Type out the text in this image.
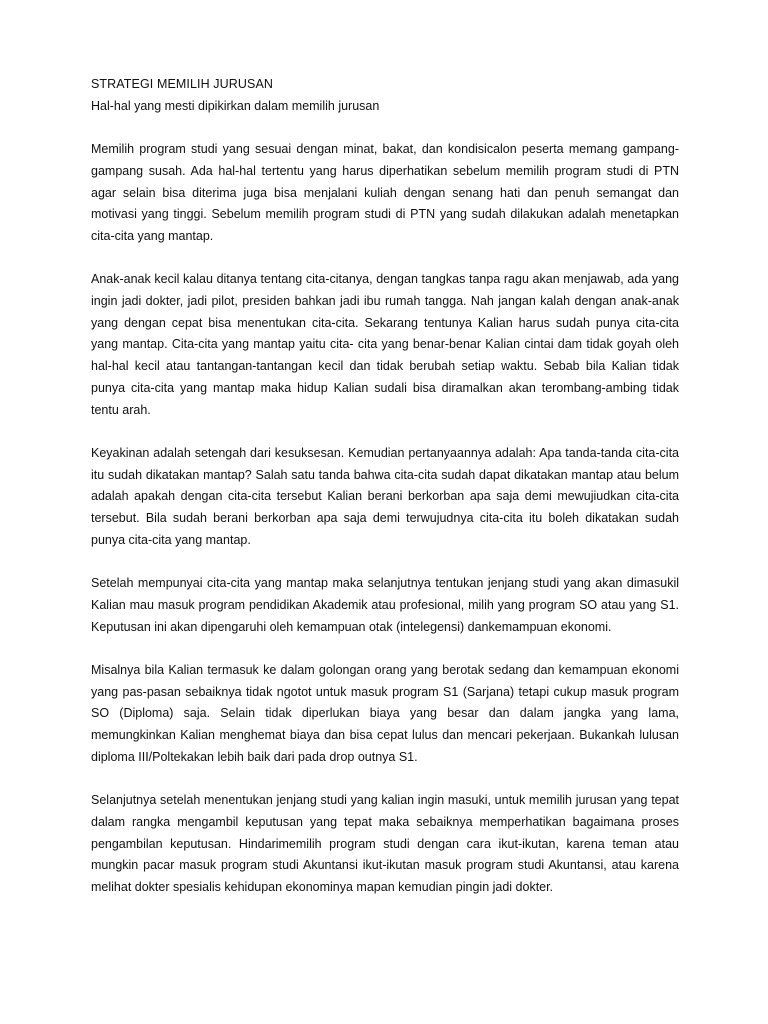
STRATEGI MEMILIH JURUSAN
Hal-hal yang mesti dipikirkan dalam memilih jurusan

Memilih program studi yang sesuai dengan minat, bakat, dan kondisicalon peserta memang gampang-gampang susah. Ada hal-hal tertentu yang harus diperhatikan sebelum memilih program studi di PTN agar selain bisa diterima juga bisa menjalani kuliah dengan senang hati dan penuh semangat dan motivasi yang tinggi. Sebelum memilih program studi di PTN yang sudah dilakukan adalah menetapkan cita-cita yang mantap.

Anak-anak kecil kalau ditanya tentang cita-citanya, dengan tangkas tanpa ragu akan menjawab, ada yang ingin jadi dokter, jadi pilot, presiden bahkan jadi ibu rumah tangga. Nah jangan kalah dengan anak-anak yang dengan cepat bisa menentukan cita-cita. Sekarang tentunya Kalian harus sudah punya cita-cita yang mantap. Cita-cita yang mantap yaitu cita- cita yang benar-benar Kalian cintai dam tidak goyah oleh hal-hal kecil atau tantangan-tantangan kecil dan tidak berubah setiap waktu. Sebab bila Kalian tidak punya cita-cita yang mantap maka hidup Kalian sudali bisa diramalkan akan terombang-ambing tidak tentu arah.

Keyakinan adalah setengah dari kesuksesan. Kemudian pertanyaannya adalah: Apa tanda-tanda cita-cita itu sudah dikatakan mantap? Salah satu tanda bahwa cita-cita sudah dapat dikatakan mantap atau belum adalah apakah dengan cita-cita tersebut Kalian berani berkorban apa saja demi mewujiudkan cita-cita tersebut. Bila sudah berani berkorban apa saja demi terwujudnya cita-cita itu boleh dikatakan sudah punya cita-cita yang mantap.

Setelah mempunyai cita-cita yang mantap maka selanjutnya tentukan jenjang studi yang akan dimasukil Kalian mau masuk program pendidikan Akademik atau profesional, milih yang program SO atau yang S1. Keputusan ini akan dipengaruhi oleh kemampuan otak (intelegensi) dankemampuan ekonomi.

Misalnya bila Kalian termasuk ke dalam golongan orang yang berotak sedang dan kemampuan ekonomi yang pas-pasan sebaiknya tidak ngotot untuk masuk program S1 (Sarjana) tetapi cukup masuk program SO (Diploma) saja. Selain tidak diperlukan biaya yang besar dan dalam jangka yang lama, memungkinkan Kalian menghemat biaya dan bisa cepat lulus dan mencari pekerjaan. Bukankah lulusan diploma III/Poltekakan lebih baik dari pada drop outnya S1.

Selanjutnya setelah menentukan jenjang studi yang kalian ingin masuki, untuk memilih jurusan yang tepat dalam rangka mengambil keputusan yang tepat maka sebaiknya memperhatikan bagaimana proses pengambilan keputusan. Hindarimemilih program studi dengan cara ikut-ikutan, karena teman atau mungkin pacar masuk program studi Akuntansi ikut-ikutan masuk program studi Akuntansi, atau karena melihat dokter spesialis kehidupan ekonominya mapan kemudian pingin jadi dokter.
